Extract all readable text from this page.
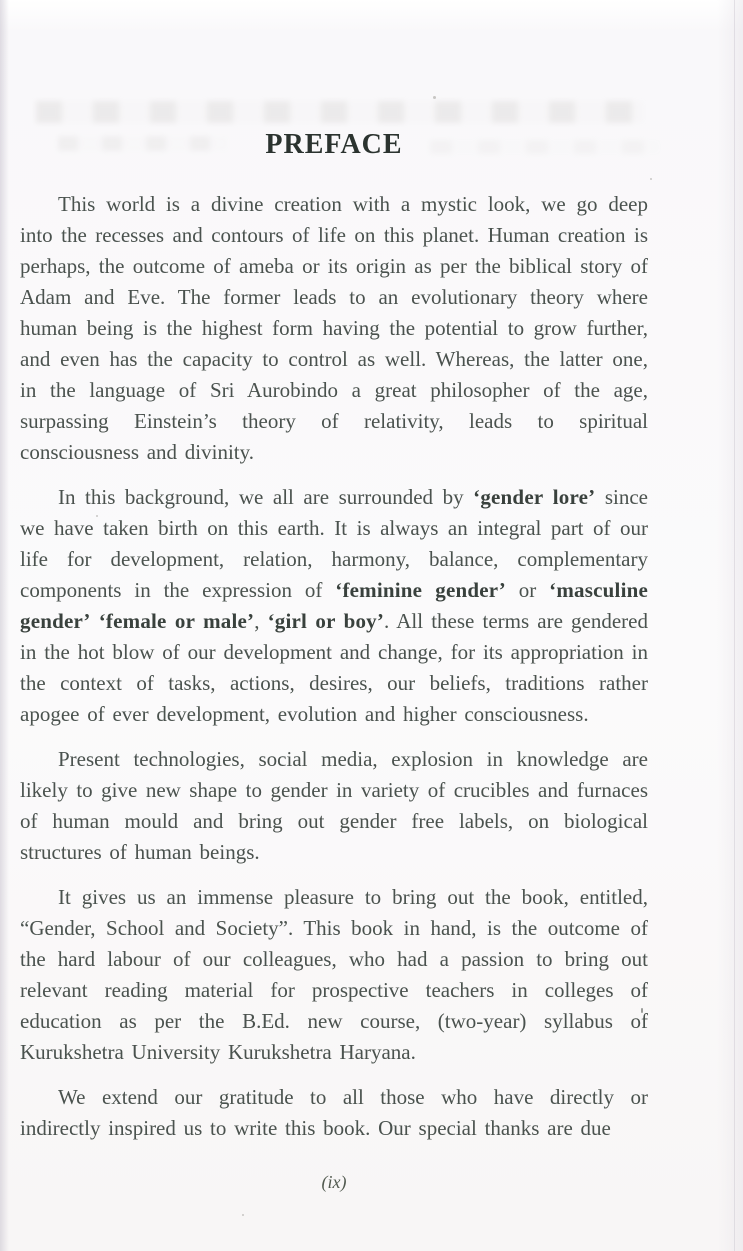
PREFACE

This world is a divine creation with a mystic look, we go deep into the recesses and contours of life on this planet. Human creation is perhaps, the outcome of ameba or its origin as per the biblical story of Adam and Eve. The former leads to an evolutionary theory where human being is the highest form having the potential to grow further, and even has the capacity to control as well. Whereas, the latter one, in the language of Sri Aurobindo a great philosopher of the age, surpassing Einstein’s theory of relativity, leads to spiritual consciousness and divinity.

In this background, we all are surrounded by ‘gender lore’ since we have taken birth on this earth. It is always an integral part of our life for development, relation, harmony, balance, complementary components in the expression of ‘feminine gender’ or ‘masculine gender’ ‘female or male’, ‘girl or boy’. All these terms are gendered in the hot blow of our development and change, for its appropriation in the context of tasks, actions, desires, our beliefs, traditions rather apogee of ever development, evolution and higher consciousness.

Present technologies, social media, explosion in knowledge are likely to give new shape to gender in variety of crucibles and furnaces of human mould and bring out gender free labels, on biological structures of human beings.

It gives us an immense pleasure to bring out the book, entitled, “Gender, School and Society”. This book in hand, is the outcome of the hard labour of our colleagues, who had a passion to bring out relevant reading material for prospective teachers in colleges of education as per the B.Ed. new course, (two-year) syllabus of Kurukshetra University Kurukshetra Haryana.

We extend our gratitude to all those who have directly or indirectly inspired us to write this book. Our special thanks are due

(ix)
